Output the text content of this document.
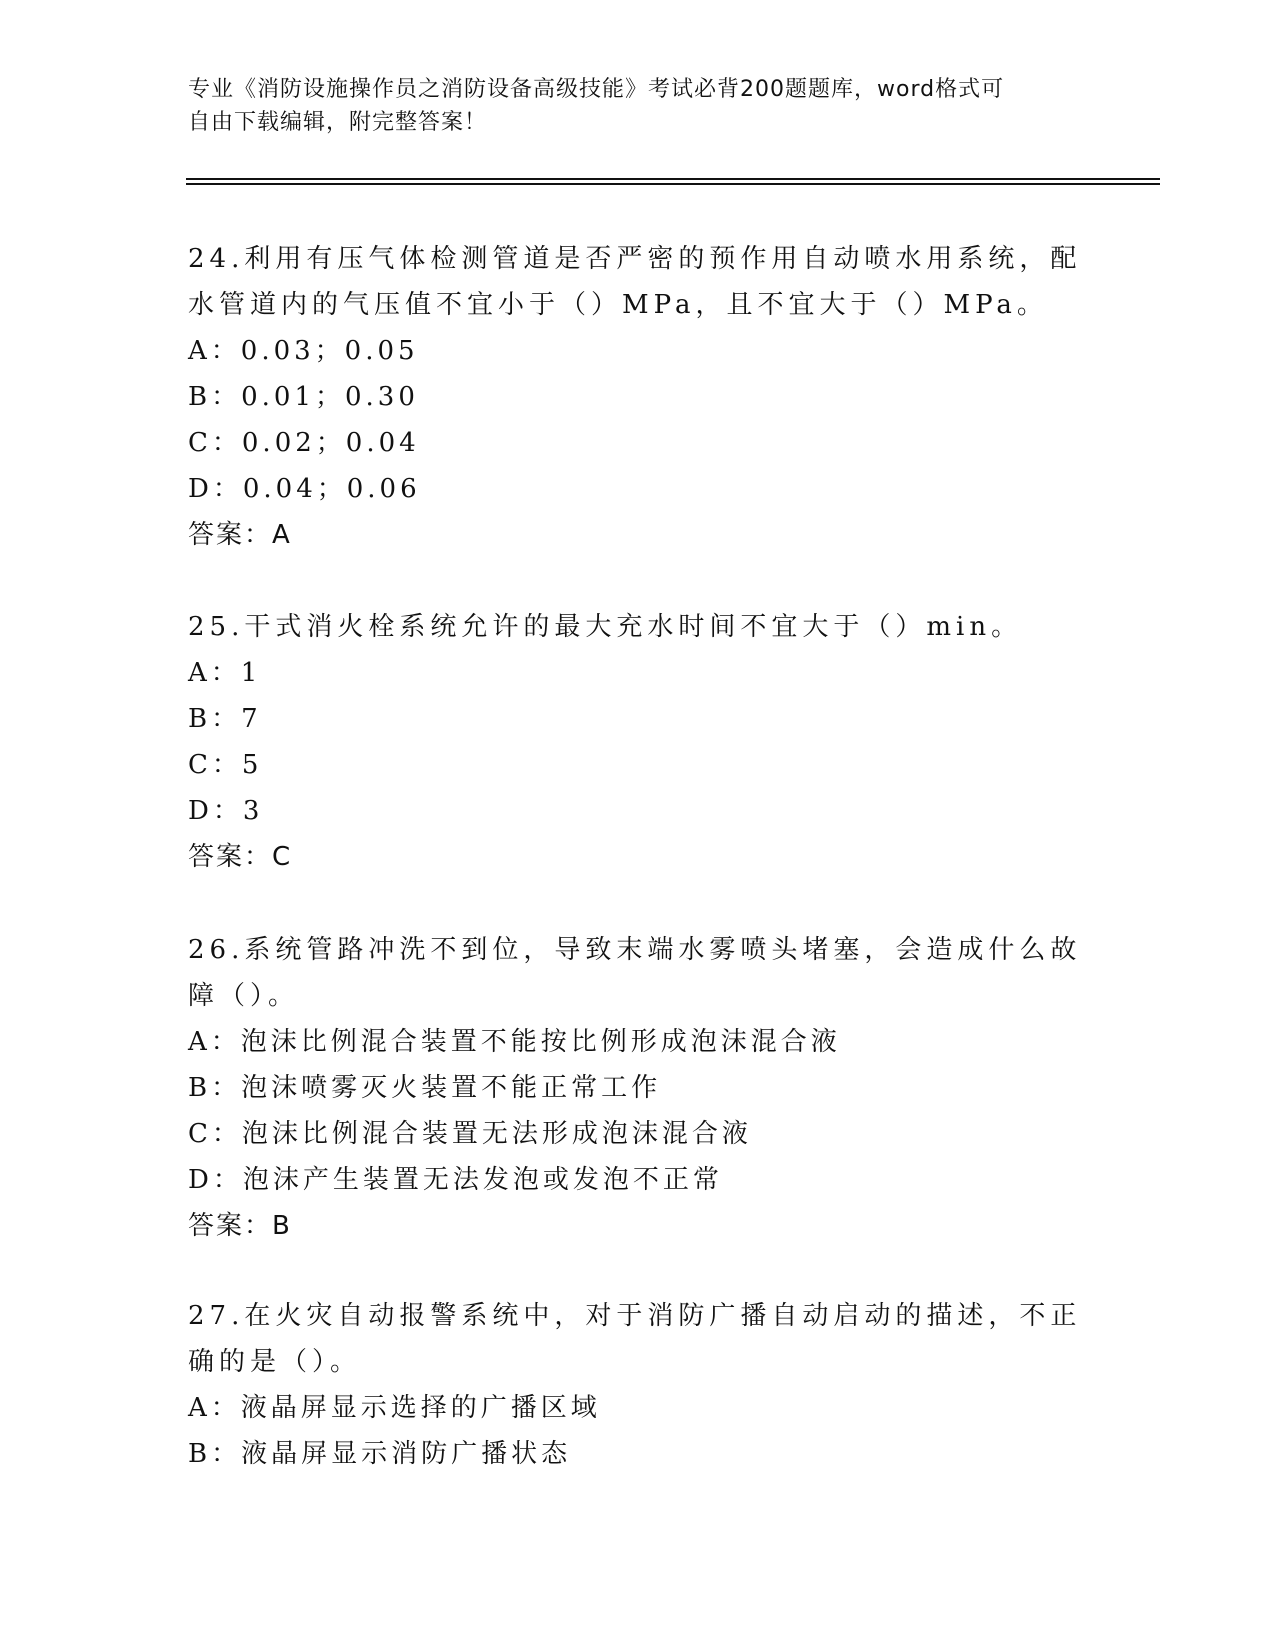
专业《消防设施操作员之消防设备高级技能》考试必背200题题库，word格式可
自由下载编辑，附完整答案！
24.利用有压气体检测管道是否严密的预作用自动喷水用系统，配水管道内的气压值不宜小于（）MPa，且不宜大于（）MPa。
A：0.03；0.05
B：0.01；0.30
C：0.02；0.04
D：0.04；0.06
答案：A
25.干式消火栓系统允许的最大充水时间不宜大于（）min。
A：1
B：7
C：5
D：3
答案：C
26.系统管路冲洗不到位，导致末端水雾喷头堵塞，会造成什么故障（）。
A：泡沫比例混合装置不能按比例形成泡沫混合液
B：泡沫喷雾灭火装置不能正常工作
C：泡沫比例混合装置无法形成泡沫混合液
D：泡沫产生装置无法发泡或发泡不正常
答案：B
27.在火灾自动报警系统中，对于消防广播自动启动的描述，不正确的是（）。
A：液晶屏显示选择的广播区域
B：液晶屏显示消防广播状态
